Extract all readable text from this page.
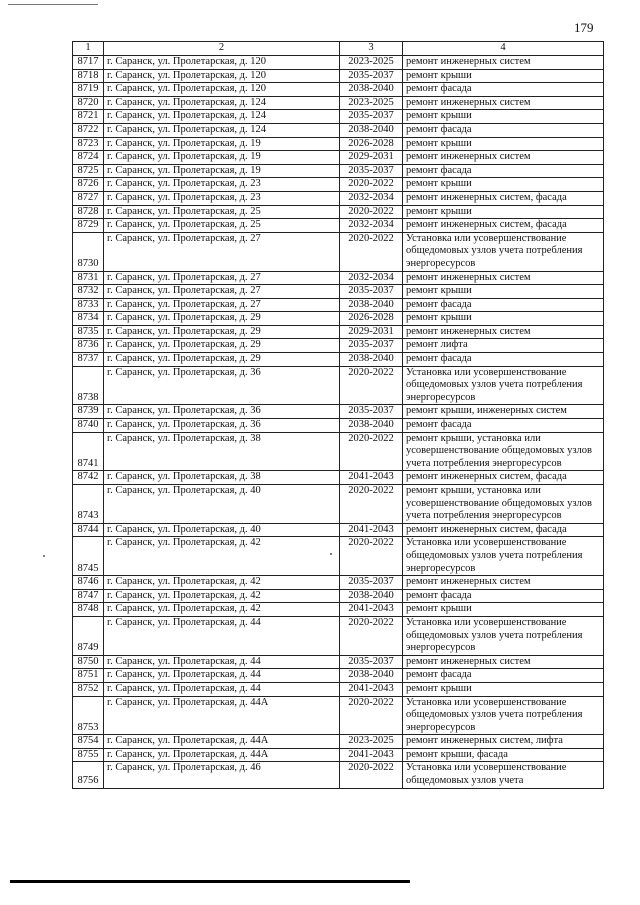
179
1	2	3	4
8717	г. Саранск, ул. Пролетарская, д. 120	2023-2025	ремонт инженерных систем
8718	г. Саранск, ул. Пролетарская, д. 120	2035-2037	ремонт крыши
8719	г. Саранск, ул. Пролетарская, д. 120	2038-2040	ремонт фасада
8720	г. Саранск, ул. Пролетарская, д. 124	2023-2025	ремонт инженерных систем
8721	г. Саранск, ул. Пролетарская, д. 124	2035-2037	ремонт крыши
8722	г. Саранск, ул. Пролетарская, д. 124	2038-2040	ремонт фасада
8723	г. Саранск, ул. Пролетарская, д. 19	2026-2028	ремонт крыши
8724	г. Саранск, ул. Пролетарская, д. 19	2029-2031	ремонт инженерных систем
8725	г. Саранск, ул. Пролетарская, д. 19	2035-2037	ремонт фасада
8726	г. Саранск, ул. Пролетарская, д. 23	2020-2022	ремонт крыши
8727	г. Саранск, ул. Пролетарская, д. 23	2032-2034	ремонт инженерных систем, фасада
8728	г. Саранск, ул. Пролетарская, д. 25	2020-2022	ремонт крыши
8729	г. Саранск, ул. Пролетарская, д. 25	2032-2034	ремонт инженерных систем, фасада
8730	г. Саранск, ул. Пролетарская, д. 27	2020-2022	Установка или усовершенствование общедомовых узлов учета потребления энергоресурсов
8731	г. Саранск, ул. Пролетарская, д. 27	2032-2034	ремонт инженерных систем
8732	г. Саранск, ул. Пролетарская, д. 27	2035-2037	ремонт крыши
8733	г. Саранск, ул. Пролетарская, д. 27	2038-2040	ремонт фасада
8734	г. Саранск, ул. Пролетарская, д. 29	2026-2028	ремонт крыши
8735	г. Саранск, ул. Пролетарская, д. 29	2029-2031	ремонт инженерных систем
8736	г. Саранск, ул. Пролетарская, д. 29	2035-2037	ремонт лифта
8737	г. Саранск, ул. Пролетарская, д. 29	2038-2040	ремонт фасада
8738	г. Саранск, ул. Пролетарская, д. 36	2020-2022	Установка или усовершенствование общедомовых узлов учета потребления энергоресурсов
8739	г. Саранск, ул. Пролетарская, д. 36	2035-2037	ремонт крыши, инженерных систем
8740	г. Саранск, ул. Пролетарская, д. 36	2038-2040	ремонт фасада
8741	г. Саранск, ул. Пролетарская, д. 38	2020-2022	ремонт крыши, установка или усовершенствование общедомовых узлов учета потребления энергоресурсов
8742	г. Саранск, ул. Пролетарская, д. 38	2041-2043	ремонт инженерных систем, фасада
8743	г. Саранск, ул. Пролетарская, д. 40	2020-2022	ремонт крыши, установка или усовершенствование общедомовых узлов учета потребления энергоресурсов
8744	г. Саранск, ул. Пролетарская, д. 40	2041-2043	ремонт инженерных систем, фасада
8745	г. Саранск, ул. Пролетарская, д. 42	2020-2022	Установка или усовершенствование общедомовых узлов учета потребления энергоресурсов
8746	г. Саранск, ул. Пролетарская, д. 42	2035-2037	ремонт инженерных систем
8747	г. Саранск, ул. Пролетарская, д. 42	2038-2040	ремонт фасада
8748	г. Саранск, ул. Пролетарская, д. 42	2041-2043	ремонт крыши
8749	г. Саранск, ул. Пролетарская, д. 44	2020-2022	Установка или усовершенствование общедомовых узлов учета потребления энергоресурсов
8750	г. Саранск, ул. Пролетарская, д. 44	2035-2037	ремонт инженерных систем
8751	г. Саранск, ул. Пролетарская, д. 44	2038-2040	ремонт фасада
8752	г. Саранск, ул. Пролетарская, д. 44	2041-2043	ремонт крыши
8753	г. Саранск, ул. Пролетарская, д. 44А	2020-2022	Установка или усовершенствование общедомовых узлов учета потребления энергоресурсов
8754	г. Саранск, ул. Пролетарская, д. 44А	2023-2025	ремонт инженерных систем, лифта
8755	г. Саранск, ул. Пролетарская, д. 44А	2041-2043	ремонт крыши, фасада
8756	г. Саранск, ул. Пролетарская, д. 46	2020-2022	Установка или усовершенствование общедомовых узлов учета
